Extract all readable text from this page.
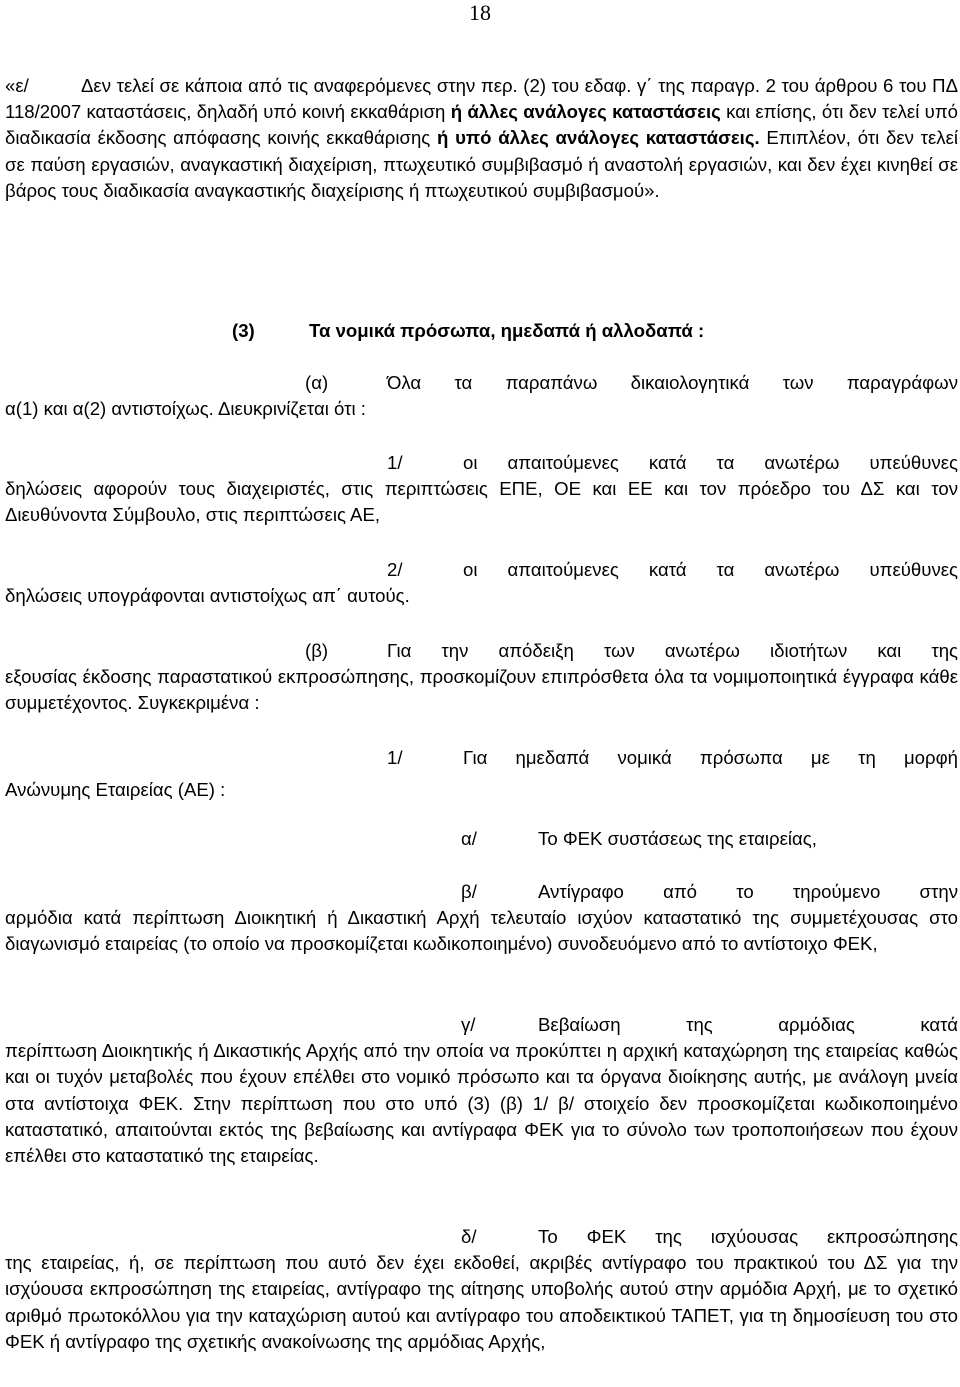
18

«ε/	Δεν τελεί σε κάποια από τις αναφερόμενες στην περ. (2) του εδαφ. γ΄ της παραγρ. 2 του άρθρου 6 του ΠΔ 118/2007 καταστάσεις, δηλαδή υπό κοινή εκκαθάριση ή άλλες ανάλογες καταστάσεις και επίσης, ότι δεν τελεί υπό διαδικασία έκδοσης απόφασης κοινής εκκαθάρισης ή υπό άλλες ανάλογες καταστάσεις. Επιπλέον, ότι δεν τελεί σε παύση εργασιών, αναγκαστική διαχείριση, πτωχευτικό συμβιβασμό ή αναστολή εργασιών, και δεν έχει κινηθεί σε βάρος τους διαδικασία αναγκαστικής διαχείρισης ή πτωχευτικού συμβιβασμού».

(3)	Τα νομικά πρόσωπα, ημεδαπά ή αλλοδαπά :
(α)	Όλα τα παραπάνω δικαιολογητικά των παραγράφων

α(1) και α(2) αντιστοίχως. Διευκρινίζεται ότι :

1/	οι απαιτούμενες κατά τα ανωτέρω υπεύθυνες

δηλώσεις αφορούν τους διαχειριστές, στις περιπτώσεις ΕΠΕ, ΟΕ και ΕΕ και τον πρόεδρο του ΔΣ και τον Διευθύνοντα Σύμβουλο, στις περιπτώσεις ΑΕ,

2/	οι απαιτούμενες κατά τα ανωτέρω υπεύθυνες

δηλώσεις υπογράφονται αντιστοίχως απ΄ αυτούς.

(β)	Για την απόδειξη των ανωτέρω ιδιοτήτων και της

εξουσίας έκδοσης παραστατικού εκπροσώπησης, προσκομίζουν επιπρόσθετα όλα τα νομιμοποιητικά έγγραφα κάθε συμμετέχοντος. Συγκεκριμένα :

1/	Για ημεδαπά νομικά πρόσωπα με τη μορφή

Ανώνυμης Εταιρείας (ΑΕ) :

α/	Το ΦΕΚ συστάσεως της εταιρείας,
β/	Αντίγραφο από το τηρούμενο στην

αρμόδια κατά περίπτωση Διοικητική ή Δικαστική Αρχή τελευταίο ισχύον καταστατικό της συμμετέχουσας στο διαγωνισμό εταιρείας (το οποίο να προσκομίζεται κωδικοποιημένο) συνοδευόμενο από το αντίστοιχο ΦΕΚ,

γ/	Βεβαίωση της αρμόδιας κατά

περίπτωση Διοικητικής ή Δικαστικής Αρχής από την οποία να προκύπτει η αρχική καταχώρηση της εταιρείας καθώς και οι τυχόν μεταβολές που έχουν επέλθει στο νομικό πρόσωπο και τα όργανα διοίκησης αυτής, με ανάλογη μνεία στα αντίστοιχα ΦΕΚ. Στην περίπτωση που στο υπό (3) (β) 1/ β/ στοιχείο δεν προσκομίζεται κωδικοποιημένο καταστατικό, απαιτούνται εκτός της βεβαίωσης και αντίγραφα ΦΕΚ για το σύνολο των τροποποιήσεων που έχουν επέλθει στο καταστατικό της εταιρείας.

δ/	Το ΦΕΚ της ισχύουσας εκπροσώπησης

της εταιρείας, ή, σε περίπτωση που αυτό δεν έχει εκδοθεί, ακριβές αντίγραφο του πρακτικού του ΔΣ για την ισχύουσα εκπροσώπηση της εταιρείας, αντίγραφο της αίτησης υποβολής αυτού στην αρμόδια Αρχή, με το σχετικό αριθμό πρωτοκόλλου για την καταχώριση αυτού και αντίγραφο του αποδεικτικού ΤΑΠΕΤ, για τη δημοσίευση του στο ΦΕΚ ή αντίγραφο της σχετικής ανακοίνωσης της αρμόδιας Αρχής,
